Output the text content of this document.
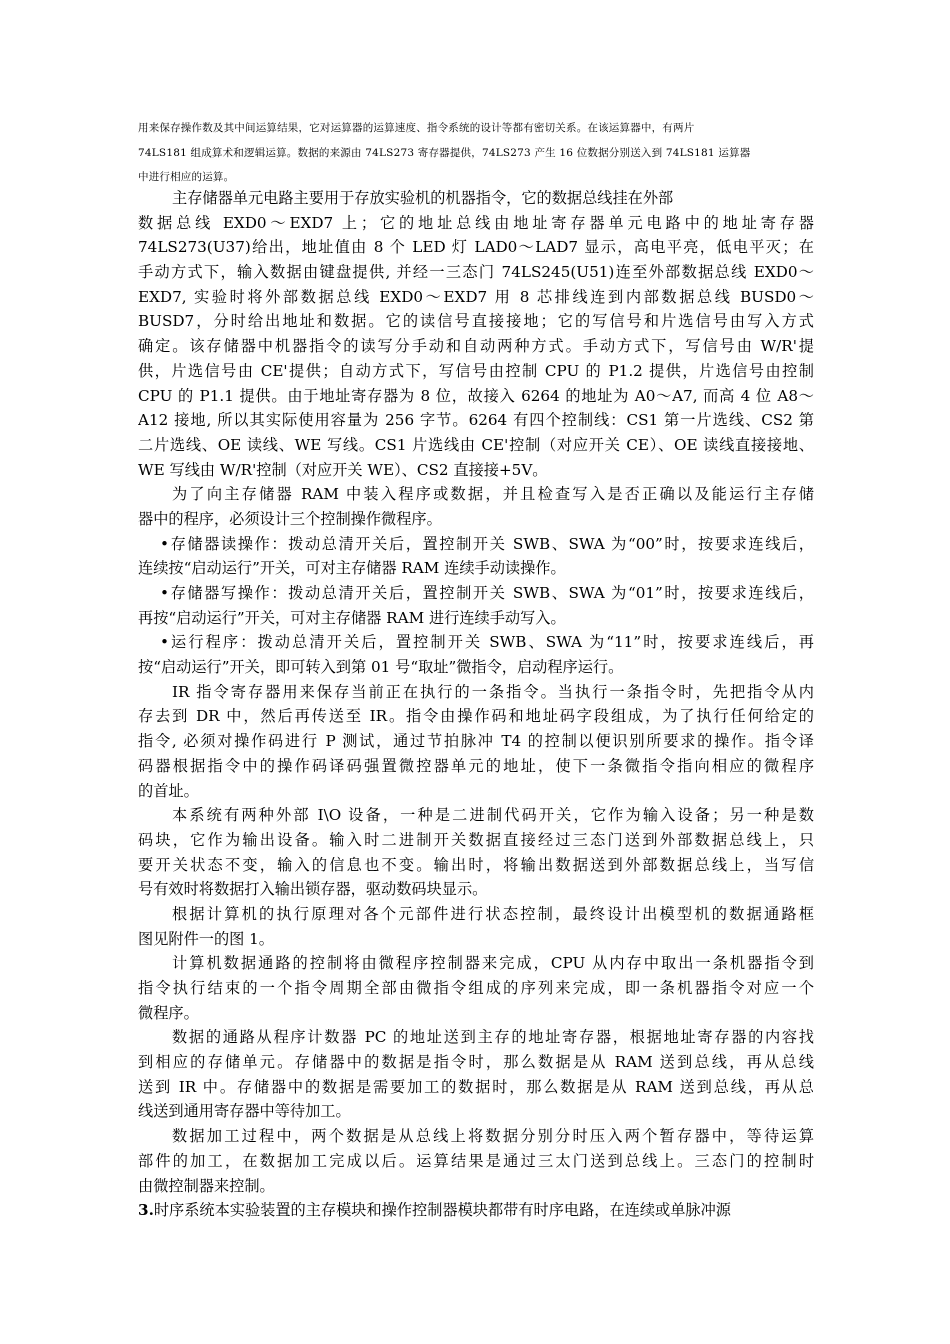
用来保存操作数及其中间运算结果，它对运算器的运算速度、指令系统的设计等都有密切关系。在该运算器中，有两片
74LS181 组成算术和逻辑运算。数据的来源由 74LS273 寄存器提供，74LS273 产生 16 位数据分别送入到 74LS181 运算器
中进行相应的运算。
主存储器单元电路主要用于存放实验机的机器指令，它的数据总线挂在外部
数据总线 EXD0～EXD7 上；它的地址总线由地址寄存器单元电路中的地址寄存器
74LS273(U37)给出，地址值由 8 个 LED 灯 LAD0～LAD7 显示，高电平亮，低电平灭；在
手动方式下，输入数据由键盘提供, 并经一三态门 74LS245(U51)连至外部数据总线 EXD0～
EXD7, 实验时将外部数据总线 EXD0～EXD7 用 8 芯排线连到内部数据总线 BUSD0～
BUSD7，分时给出地址和数据。它的读信号直接接地；它的写信号和片选信号由写入方式
确定。该存储器中机器指令的读写分手动和自动两种方式。手动方式下，写信号由 W/R'提
供，片选信号由 CE'提供；自动方式下，写信号由控制 CPU 的 P1.2 提供，片选信号由控制
CPU 的 P1.1 提供。由于地址寄存器为 8 位，故接入 6264 的地址为 A0～A7, 而高 4 位 A8～
A12 接地, 所以其实际使用容量为 256 字节。6264 有四个控制线：CS1 第一片选线、CS2 第
二片选线、OE 读线、WE 写线。CS1 片选线由 CE'控制（对应开关 CE）、OE 读线直接接地、
WE 写线由 W/R'控制（对应开关 WE）、CS2 直接接+5V。
为了向主存储器 RAM 中装入程序或数据，并且检查写入是否正确以及能运行主存储
器中的程序，必须设计三个控制操作微程序。
•存储器读操作：拨动总清开关后，置控制开关 SWB、SWA 为“00”时，按要求连线后，
连续按“启动运行”开关，可对主存储器 RAM 连续手动读操作。
•存储器写操作：拨动总清开关后，置控制开关 SWB、SWA 为“01”时，按要求连线后，
再按“启动运行”开关，可对主存储器 RAM 进行连续手动写入。
•运行程序：拨动总清开关后，置控制开关 SWB、SWA 为“11”时，按要求连线后，再
按“启动运行”开关，即可转入到第 01 号“取址”微指令，启动程序运行。
IR 指令寄存器用来保存当前正在执行的一条指令。当执行一条指令时，先把指令从内
存去到 DR 中，然后再传送至 IR。指令由操作码和地址码字段组成，为了执行任何给定的
指令, 必须对操作码进行 P 测试，通过节拍脉冲 T4 的控制以便识别所要求的操作。指令译
码器根据指令中的操作码译码强置微控器单元的地址，使下一条微指令指向相应的微程序
的首址。
本系统有两种外部 I\O 设备，一种是二进制代码开关，它作为输入设备；另一种是数
码块，它作为输出设备。输入时二进制开关数据直接经过三态门送到外部数据总线上，只
要开关状态不变，输入的信息也不变。输出时，将输出数据送到外部数据总线上，当写信
号有效时将数据打入输出锁存器，驱动数码块显示。
根据计算机的执行原理对各个元部件进行状态控制，最终设计出模型机的数据通路框
图见附件一的图 1。
计算机数据通路的控制将由微程序控制器来完成，CPU 从内存中取出一条机器指令到
指令执行结束的一个指令周期全部由微指令组成的序列来完成，即一条机器指令对应一个
微程序。
数据的通路从程序计数器 PC 的地址送到主存的地址寄存器，根据地址寄存器的内容找
到相应的存储单元。存储器中的数据是指令时，那么数据是从 RAM 送到总线，再从总线
送到 IR 中。存储器中的数据是需要加工的数据时，那么数据是从 RAM 送到总线，再从总
线送到通用寄存器中等待加工。
数据加工过程中，两个数据是从总线上将数据分别分时压入两个暂存器中，等待运算
部件的加工，在数据加工完成以后。运算结果是通过三太门送到总线上。三态门的控制时
由微控制器来控制。
3.时序系统本实验装置的主存模块和操作控制器模块都带有时序电路，在连续或单脉冲源
